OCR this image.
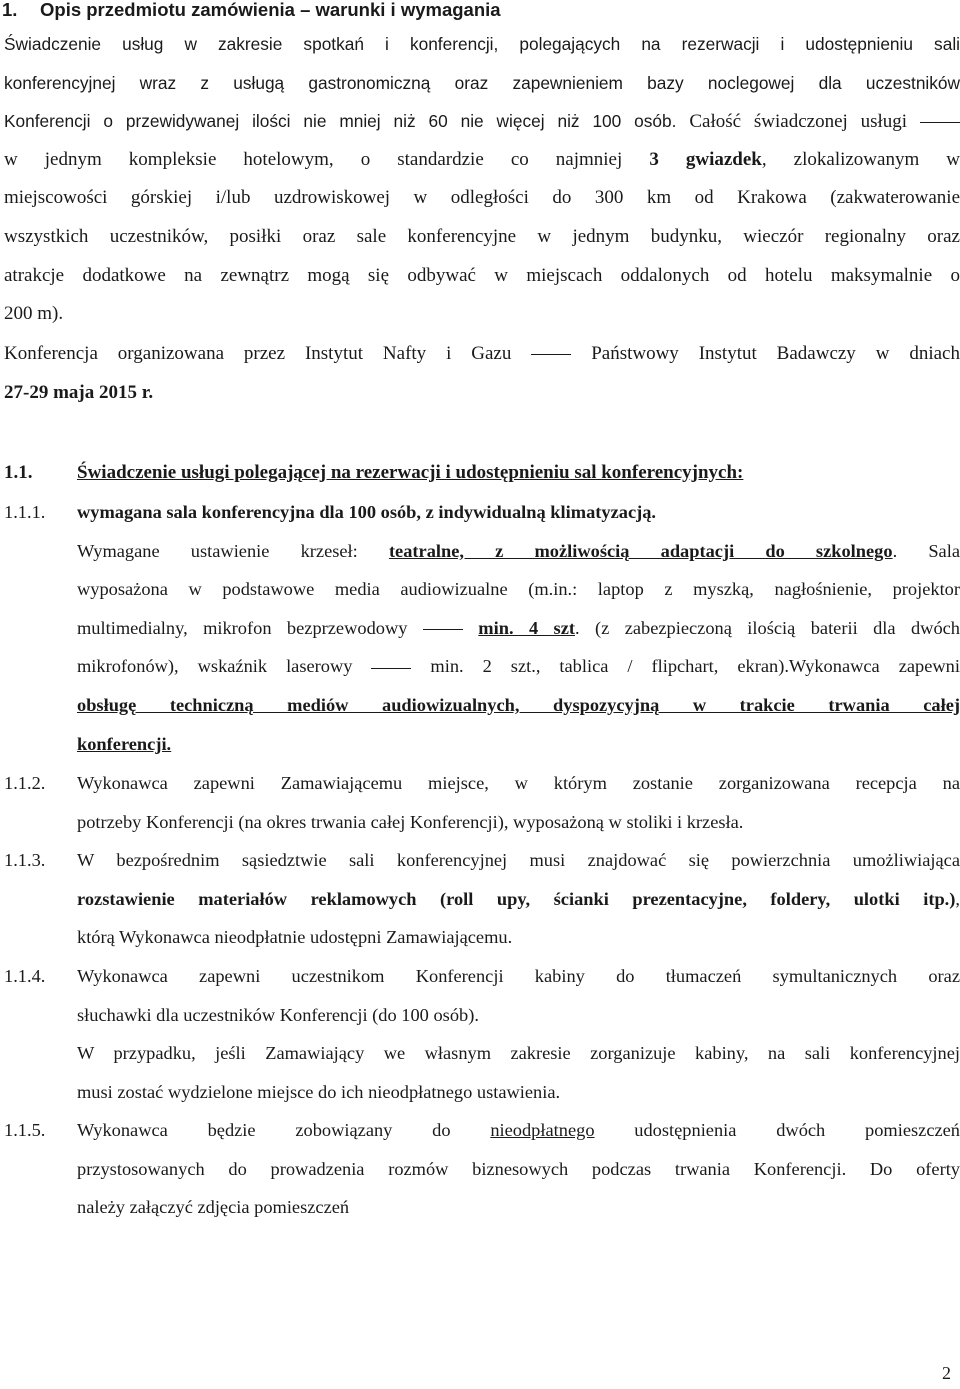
1. Opis przedmiotu zamówienia – warunki i wymagania
Świadczenie usług w zakresie spotkań i konferencji, polegających na rezerwacji i udostępnieniu sali
konferencyjnej wraz z usługą gastronomiczną oraz zapewnieniem bazy noclegowej dla uczestników
Konferencji o przewidywanej ilości nie mniej niż 60 nie więcej niż 100 osób. Całość świadczonej usługi
w jednym kompleksie hotelowym, o standardzie co najmniej 3 gwiazdek, zlokalizowanym w
miejscowości górskiej i/lub uzdrowiskowej w odległości do 300 km od Krakowa (zakwaterowanie
wszystkich uczestników, posiłki oraz sale konferencyjne w jednym budynku, wieczór regionalny oraz
atrakcje dodatkowe na zewnątrz mogą się odbywać w miejscach oddalonych od hotelu maksymalnie o
200 m).
Konferencja organizowana przez Instytut Nafty i Gazu  Państwowy Instytut Badawczy w dniach
27-29 maja 2015 r.
1.1. Świadczenie usługi polegającej na rezerwacji i udostępnieniu sal konferencyjnych:
1.1.1. wymagana sala konferencyjna dla 100 osób, z indywidualną klimatyzacją.
Wymagane ustawienie krzeseł: teatralne, z możliwością adaptacji do szkolnego. Sala
wyposażona w podstawowe media audiowizualne (m.in.: laptop z myszką, nagłośnienie, projektor
multimedialny, mikrofon bezprzewodowy	min. 4 szt. (z zabezpieczoną ilością baterii dla dwóch
mikrofonów), wskaźnik laserowy  min. 2 szt., tablica / flipchart, ekran).Wykonawca zapewni
obsługę techniczną mediów audiowizualnych, dyspozycyjną w trakcie trwania całej
konferencji.
1.1.2. Wykonawca zapewni Zamawiającemu miejsce, w którym zostanie zorganizowana recepcja na
potrzeby Konferencji (na okres trwania całej Konferencji), wyposażoną w stoliki i krzesła.
1.1.3. W bezpośrednim sąsiedztwie sali konferencyjnej musi znajdować się powierzchnia umożliwiająca
rozstawienie materiałów reklamowych (roll upy, ścianki prezentacyjne, foldery, ulotki itp.),
którą Wykonawca nieodpłatnie udostępni Zamawiającemu.
1.1.4. Wykonawca zapewni uczestnikom Konferencji kabiny do tłumaczeń symultanicznych oraz
słuchawki dla uczestników Konferencji (do 100 osób).
W przypadku, jeśli Zamawiający we własnym zakresie zorganizuje kabiny, na sali konferencyjnej
musi zostać wydzielone miejsce do ich nieodpłatnego ustawienia.
1.1.5. Wykonawca będzie zobowiązany do nieodpłatnego udostępnienia dwóch pomieszczeń
przystosowanych do prowadzenia rozmów biznesowych podczas trwania Konferencji. Do oferty
należy załączyć zdjęcia pomieszczeń
2
